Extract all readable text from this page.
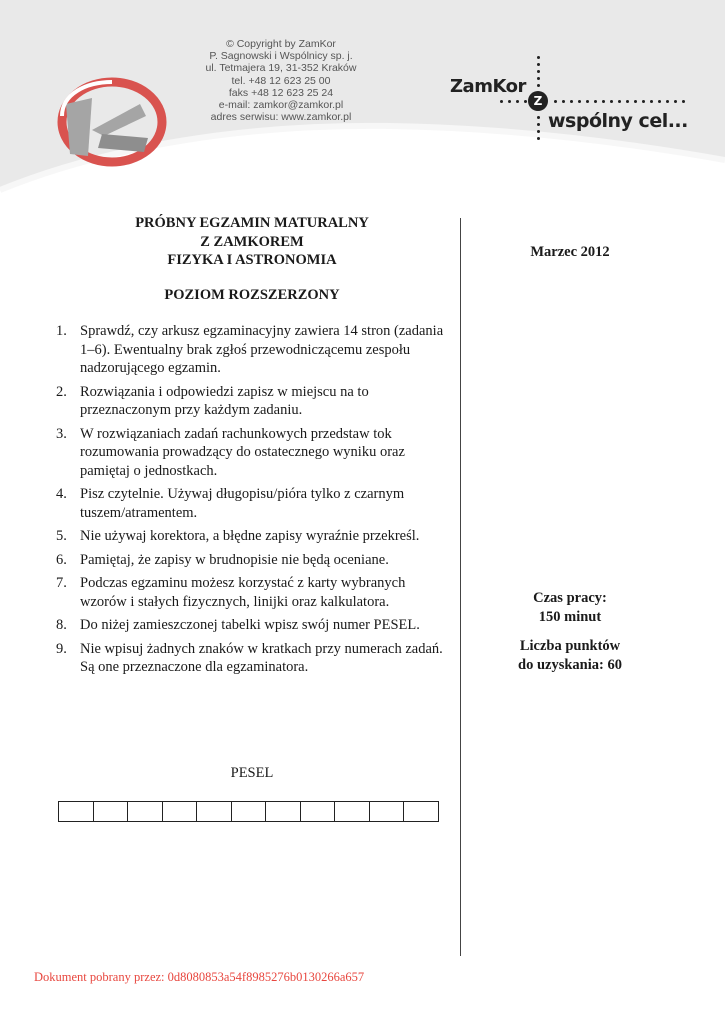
© Copyright by ZamKor
P. Sagnowski i Wspólnicy sp. j.
ul. Tetmajera 19, 31-352 Kraków
tel. +48 12 623 25 00
faks +48 12 623 25 24
e-mail: zamkor@zamkor.pl
adres serwisu: www.zamkor.pl
ZamKor
Z
wspólny cel...
PRÓBNY EGZAMIN MATURALNY
Z ZAMKOREM
FIZYKA I ASTRONOMIA
POZIOM ROZSZERZONY
Marzec 2012
1. Sprawdź, czy arkusz egzaminacyjny zawiera 14 stron (zadania 1–6). Ewentualny brak zgłoś przewodniczącemu zespołu nadzorującego egzamin.
2. Rozwiązania i odpowiedzi zapisz w miejscu na to przeznaczonym przy każdym zadaniu.
3. W rozwiązaniach zadań rachunkowych przedstaw tok rozumowania prowadzący do ostatecznego wyniku oraz pamiętaj o jednostkach.
4. Pisz czytelnie. Używaj długopisu/pióra tylko z czarnym tuszem/atramentem.
5. Nie używaj korektora, a błędne zapisy wyraźnie przekreśl.
6. Pamiętaj, że zapisy w brudnopisie nie będą oceniane.
7. Podczas egzaminu możesz korzystać z karty wybranych wzorów i stałych fizycznych, linijki oraz kalkulatora.
8. Do niżej zamieszczonej tabelki wpisz swój numer PESEL.
9. Nie wpisuj żadnych znaków w kratkach przy numerach zadań. Są one przeznaczone dla egzaminatora.
Czas pracy:
150 minut
Liczba punktów
do uzyskania: 60
PESEL
Dokument pobrany przez: 0d8080853a54f8985276b0130266a657
